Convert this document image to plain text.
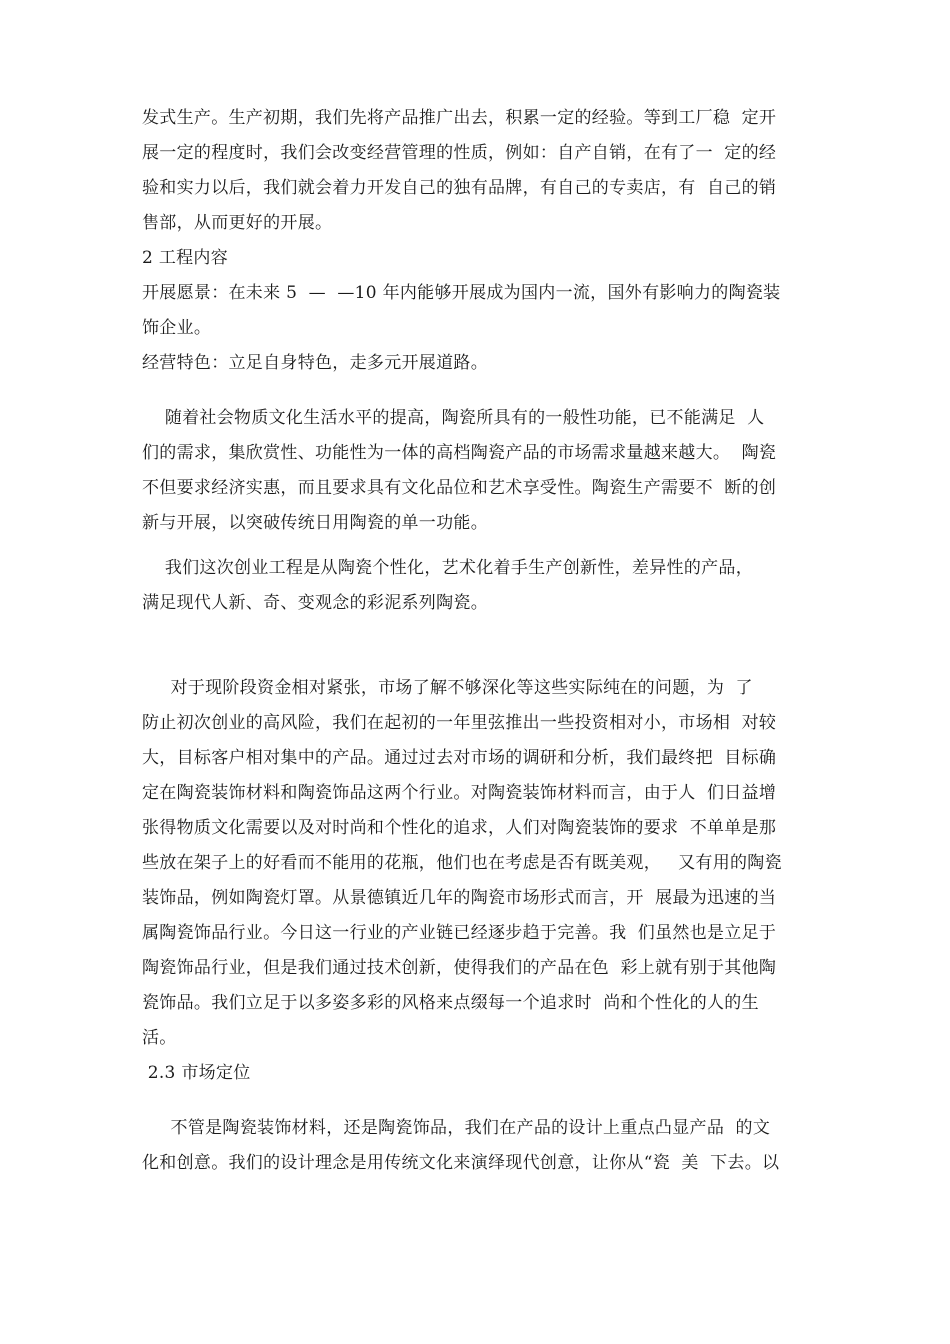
发式生产。生产初期，我们先将产品推广出去，积累一定的经验。等到工厂稳  定开
展一定的程度时，我们会改变经营管理的性质，例如：自产自销，在有了一  定的经
验和实力以后，我们就会着力开发自己的独有品牌，有自己的专卖店，有  自己的销
售部，从而更好的开展。
2 工程内容
开展愿景：在未来 5  —  —10 年内能够开展成为国内一流，国外有影响力的陶瓷装
饰企业。
经营特色：立足自身特色，走多元开展道路。
随着社会物质文化生活水平的提高，陶瓷所具有的一般性功能，已不能满足  人
们的需求，集欣赏性、功能性为一体的高档陶瓷产品的市场需求量越来越大。  陶瓷
不但要求经济实惠，而且要求具有文化品位和艺术享受性。陶瓷生产需要不  断的创
新与开展，以突破传统日用陶瓷的单一功能。
我们这次创业工程是从陶瓷个性化，艺术化着手生产创新性，差异性的产品，
满足现代人新、奇、变观念的彩泥系列陶瓷。
对于现阶段资金相对紧张，市场了解不够深化等这些实际纯在的问题，为  了
防止初次创业的高风险，我们在起初的一年里弦推出一些投资相对小，市场相  对较
大，目标客户相对集中的产品。通过过去对市场的调研和分析，我们最终把  目标确
定在陶瓷装饰材料和陶瓷饰品这两个行业。对陶瓷装饰材料而言，由于人  们日益增
张得物质文化需要以及对时尚和个性化的追求，人们对陶瓷装饰的要求  不单单是那
些放在架子上的好看而不能用的花瓶，他们也在考虑是否有既美观，   又有用的陶瓷
装饰品，例如陶瓷灯罩。从景德镇近几年的陶瓷市场形式而言，开  展最为迅速的当
属陶瓷饰品行业。今日这一行业的产业链已经逐步趋于完善。我  们虽然也是立足于
陶瓷饰品行业，但是我们通过技术创新，使得我们的产品在色  彩上就有别于其他陶
瓷饰品。我们立足于以多姿多彩的风格来点缀每一个追求时  尚和个性化的人的生
活。
2.3 市场定位
不管是陶瓷装饰材料，还是陶瓷饰品，我们在产品的设计上重点凸显产品  的文
化和创意。我们的设计理念是用传统文化来演绎现代创意，让你从“瓷  美  下去。以
